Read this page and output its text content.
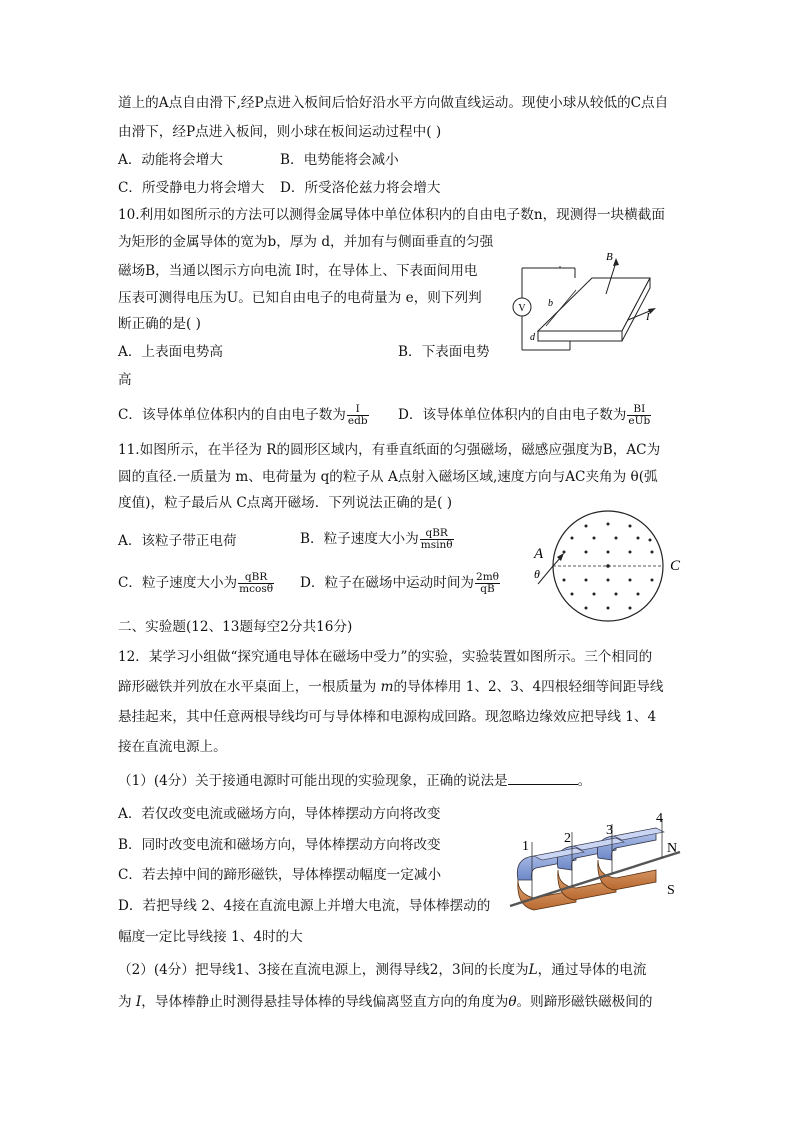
道上的A点自由滑下,经P点进入板间后恰好沿水平方向做直线运动。现使小球从较低的C点自
由滑下，经P点进入板间，则小球在板间运动过程中( )
A．动能将会增大	B．电势能将会减小
C．所受静电力将会增大 D．所受洛伦兹力将会增大
10.利用如图所示的方法可以测得金属导体中单位体积内的自由电子数n，现测得一块横截面
为矩形的金属导体的宽为b，厚为 d，并加有与侧面垂直的匀强
磁场B，当通以图示方向电流 I时，在导体上、下表面间用电
压表可测得电压为U。已知自由电子的电荷量为 e，则下列判
断正确的是( )
A．上表面电势高	B．下表面电势
高
C．该导体单位体积内的自由电子数为 $\frac{I}{\text{edb}}$ D．该导体单位体积内的自由电子数为 $\frac{BI}{\text{eUb}}$
V b
d
B
I
11.如图所示，在半径为 R的圆形区域内，有垂直纸面的匀强磁场，磁感应强度为B，AC为
圆的直径.一质量为 m、电荷量为 q的粒子从 A点射入磁场区域,速度方向与AC夹角为 θ(弧
度值)，粒子最后从 C点离开磁场．下列说法正确的是( )
A．该粒子带正电荷	B．粒子速度大小为 $\frac{\text{qBR}}{msin\theta}$
C．粒子速度大小为 $\frac{\text{qBR}}{mcos\theta}$ D．粒子在磁场中运动时间为 $\frac{2m\theta}{qB}$
A
θ	C
二、实验题(12、13题每空2分共16分)
12．某学习小组做“探究通电导体在磁场中受力”的实验，实验装置如图所示。三个相同的
蹄形磁铁并列放在水平桌面上，一根质量为 m的导体棒用 1、2、3、4四根轻细等间距导线
悬挂起来，其中任意两根导线均可与导体棒和电源构成回路。现忽略边缘效应把导线 1、4
接在直流电源上。
（1）(4分）关于接通电源时可能出现的实验现象，正确的说法是	。
A．若仅改变电流或磁场方向，导体棒摆动方向将改变
B．同时改变电流和磁场方向，导体棒摆动方向将改变
C．若去掉中间的蹄形磁铁，导体棒摆动幅度一定减小
D．若把导线 2、4接在直流电源上并增大电流，导体棒摆动的
幅度一定比导线接 1、4时的大
（2）(4分）把导线1、3接在直流电源上，测得导线2，3间的长度为L，通过导体的电流
为 I，导体棒静止时测得悬挂导体棒的导线偏离竖直方向的角度为θ。则蹄形磁铁磁极间的
1
2
3
4
N
S
